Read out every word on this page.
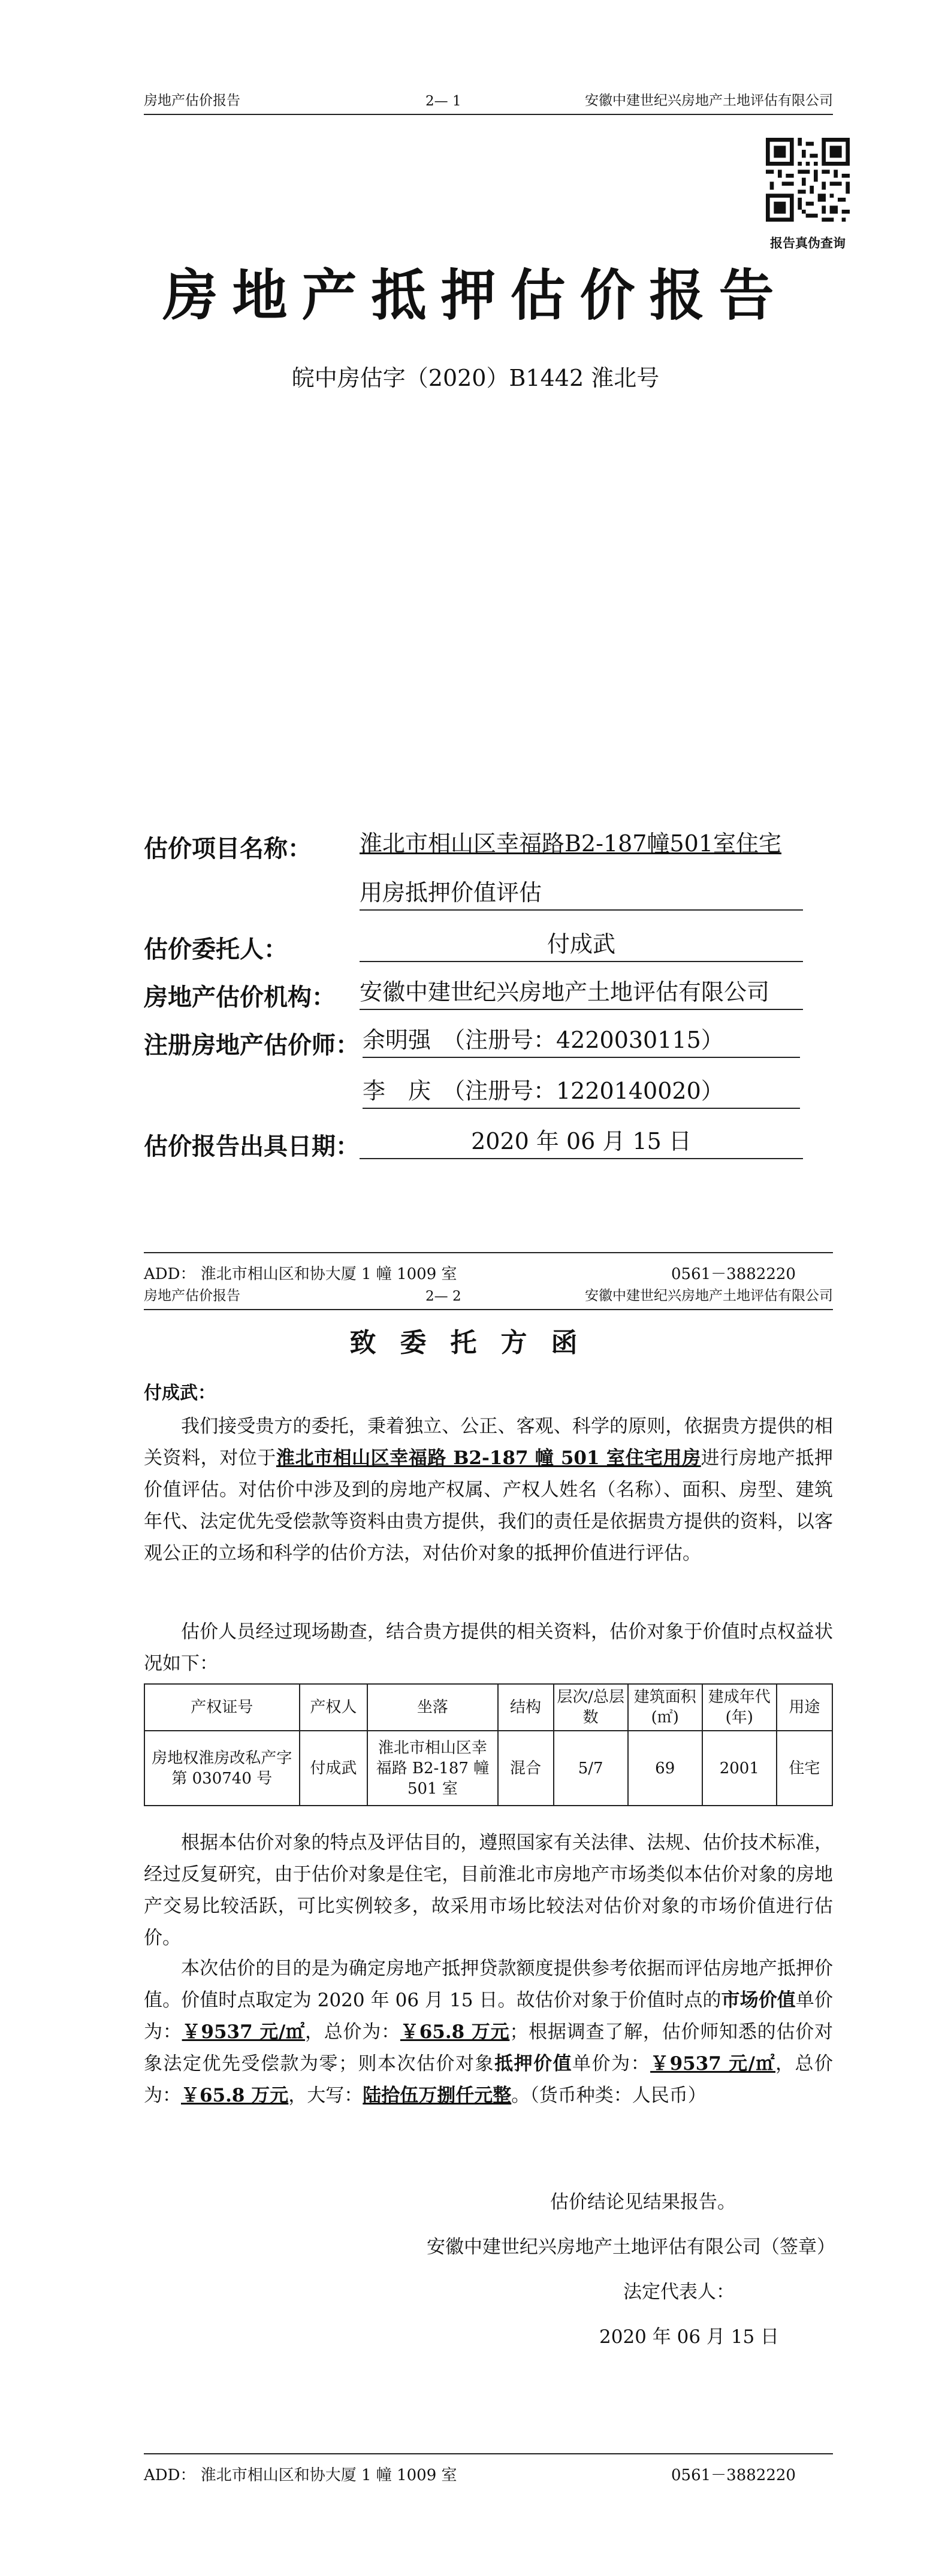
房地产估价报告	2— 1	安徽中建世纪兴房地产土地评估有限公司
报告真伪查询
房地产抵押估价报告
皖中房估字（2020）B1442 淮北号
估价项目名称： 淮北市相山区幸福路B2-187幢501室住宅
用房抵押价值评估
估价委托人：	付成武
房地产估价机构： 安徽中建世纪兴房地产土地评估有限公司
注册房地产估价师： 余明强　（注册号：4220030115）
李　庆　（注册号：1220140020）
估价报告出具日期：	2020 年 06 月 15 日
ADD： 淮北市相山区和协大厦 1 幢 1009 室	0561－3882220
房地产估价报告	2— 2	安徽中建世纪兴房地产土地评估有限公司
致委托方函
付成武：
我们接受贵方的委托，秉着独立、公正、客观、科学的原则，依据贵方提供的相关资料，对位于淮北市相山区幸福路 B2-187 幢 501 室住宅用房进行房地产抵押价值评估。对估价中涉及到的房地产权属、产权人姓名（名称）、面积、房型、建筑年代、法定优先受偿款等资料由贵方提供，我们的责任是依据贵方提供的资料，以客观公正的立场和科学的估价方法，对估价对象的抵押价值进行评估。
估价人员经过现场勘查，结合贵方提供的相关资料，估价对象于价值时点权益状况如下：
产权证号	产权人	坐落	结构	层次/总层数	建筑面积(㎡)	建成年代(年)	用途
房地权淮房改私产字第 030740 号	付成武	淮北市相山区幸福路 B2-187 幢 501 室	混合	5/7	69	2001	住宅
根据本估价对象的特点及评估目的，遵照国家有关法律、法规、估价技术标准，经过反复研究，由于估价对象是住宅，目前淮北市房地产市场类似本估价对象的房地产交易比较活跃，可比实例较多，故采用市场比较法对估价对象的市场价值进行估价。
本次估价的目的是为确定房地产抵押贷款额度提供参考依据而评估房地产抵押价值。价值时点取定为 2020 年 06 月 15 日。故估价对象于价值时点的市场价值单价为：￥9537 元/㎡，总价为：￥65.8 万元；根据调查了解，估价师知悉的估价对象法定优先受偿款为零；则本次估价对象抵押价值单价为：￥9537 元/㎡，总价为：￥65.8 万元，大写：陆拾伍万捌仟元整。（货币种类：人民币）
估价结论见结果报告。
安徽中建世纪兴房地产土地评估有限公司（签章）
法定代表人：
2020 年 06 月 15 日
ADD： 淮北市相山区和协大厦 1 幢 1009 室	0561－3882220
